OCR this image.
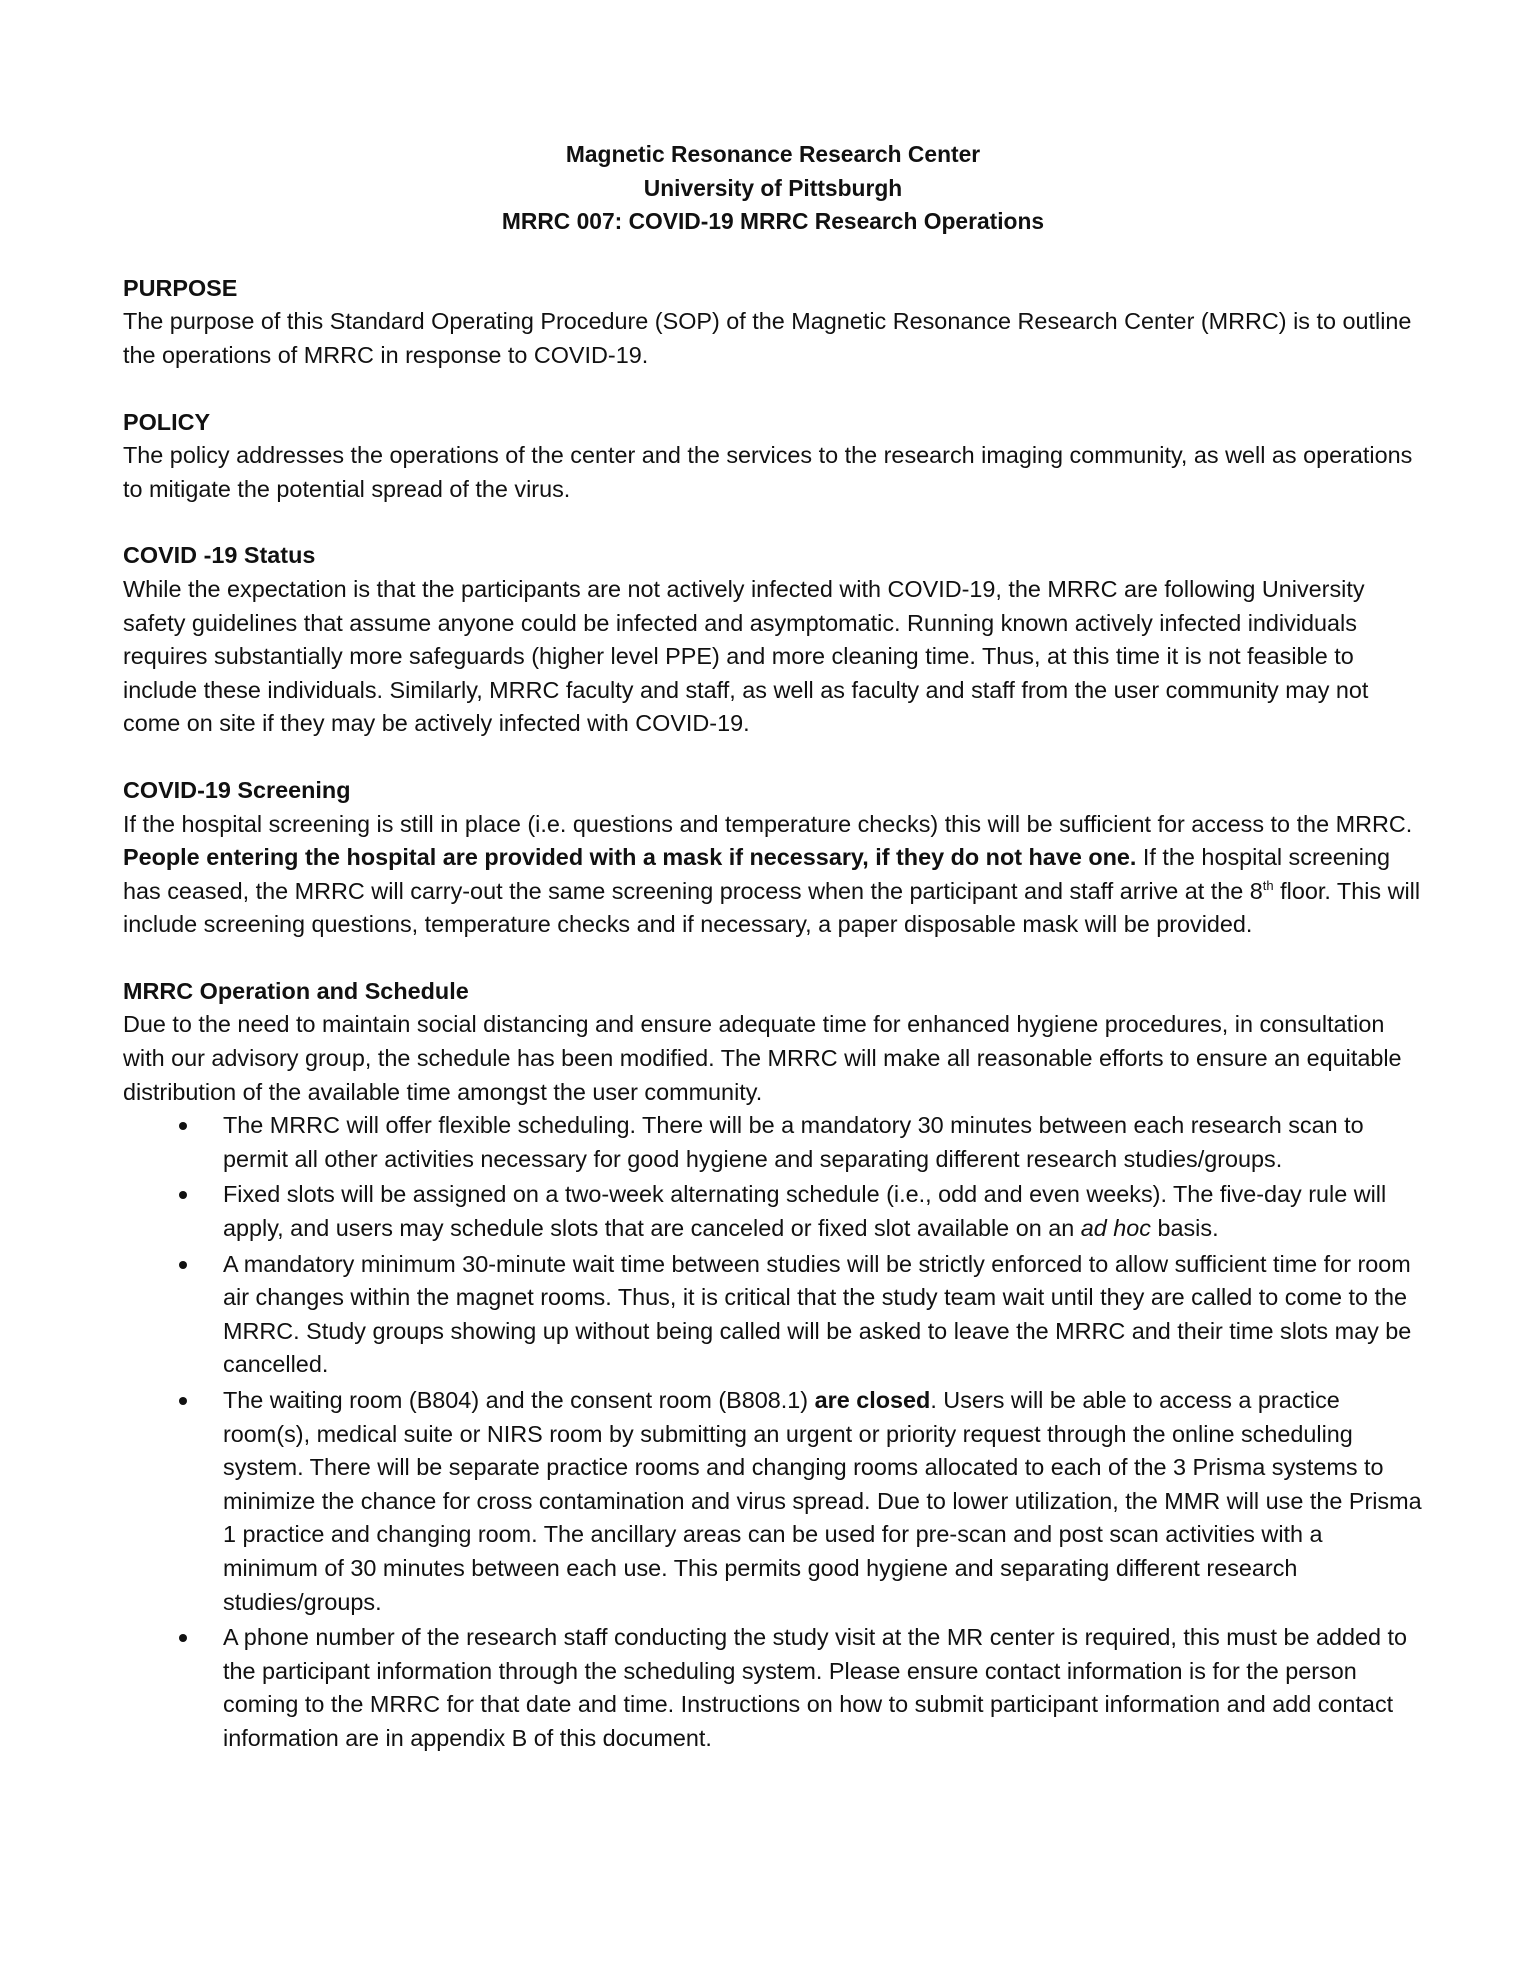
Magnetic Resonance Research Center
University of Pittsburgh
MRRC 007: COVID-19 MRRC Research Operations
PURPOSE
The purpose of this Standard Operating Procedure (SOP) of the Magnetic Resonance Research Center (MRRC) is to outline the operations of MRRC in response to COVID-19.
POLICY
The policy addresses the operations of the center and the services to the research imaging community, as well as operations to mitigate the potential spread of the virus.
COVID -19 Status
While the expectation is that the participants are not actively infected with COVID-19, the MRRC are following University safety guidelines that assume anyone could be infected and asymptomatic. Running known actively infected individuals requires substantially more safeguards (higher level PPE) and more cleaning time. Thus, at this time it is not feasible to include these individuals. Similarly, MRRC faculty and staff, as well as faculty and staff from the user community may not come on site if they may be actively infected with COVID-19.
COVID-19 Screening
If the hospital screening is still in place (i.e. questions and temperature checks) this will be sufficient for access to the MRRC. People entering the hospital are provided with a mask if necessary, if they do not have one. If the hospital screening has ceased, the MRRC will carry-out the same screening process when the participant and staff arrive at the 8th floor. This will include screening questions, temperature checks and if necessary, a paper disposable mask will be provided.
MRRC Operation and Schedule
Due to the need to maintain social distancing and ensure adequate time for enhanced hygiene procedures, in consultation with our advisory group, the schedule has been modified. The MRRC will make all reasonable efforts to ensure an equitable distribution of the available time amongst the user community.
The MRRC will offer flexible scheduling. There will be a mandatory 30 minutes between each research scan to permit all other activities necessary for good hygiene and separating different research studies/groups.
Fixed slots will be assigned on a two-week alternating schedule (i.e., odd and even weeks). The five-day rule will apply, and users may schedule slots that are canceled or fixed slot available on an ad hoc basis.
A mandatory minimum 30-minute wait time between studies will be strictly enforced to allow sufficient time for room air changes within the magnet rooms. Thus, it is critical that the study team wait until they are called to come to the MRRC. Study groups showing up without being called will be asked to leave the MRRC and their time slots may be cancelled.
The waiting room (B804) and the consent room (B808.1) are closed. Users will be able to access a practice room(s), medical suite or NIRS room by submitting an urgent or priority request through the online scheduling system. There will be separate practice rooms and changing rooms allocated to each of the 3 Prisma systems to minimize the chance for cross contamination and virus spread. Due to lower utilization, the MMR will use the Prisma 1 practice and changing room. The ancillary areas can be used for pre-scan and post scan activities with a minimum of 30 minutes between each use. This permits good hygiene and separating different research studies/groups.
A phone number of the research staff conducting the study visit at the MR center is required, this must be added to the participant information through the scheduling system. Please ensure contact information is for the person coming to the MRRC for that date and time. Instructions on how to submit participant information and add contact information are in appendix B of this document.
